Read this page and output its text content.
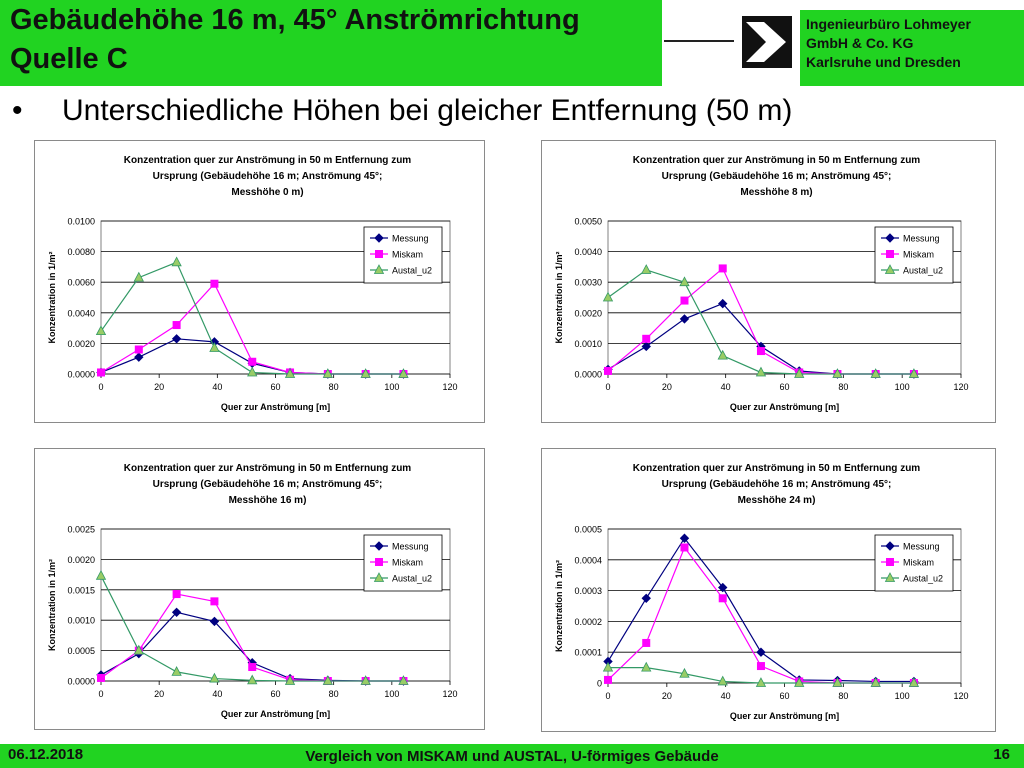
Gebäudehöhe 16 m, 45° Anströmrichtung
Quelle C
Ingenieurbüro Lohmeyer
GmbH & Co. KG
Karlsruhe und Dresden
• Unterschiedliche Höhen bei gleicher Entfernung (50 m)
Konzentration quer zur Anströmung in 50 m Entfernung zum
Ursprung (Gebäudehöhe 16 m; Anströmung 45°;
Messhöhe 0 m)
0.0000
0.0020
0.0040
0.0060
0.0080
0.0100
0	20	40	60	80	100	120
Quer zur Anströmung [m]
Konzentration in 1/m²
Messung
Miskam
Austal_u2
Konzentration quer zur Anströmung in 50 m Entfernung zum
Ursprung (Gebäudehöhe 16 m; Anströmung 45°;
Messhöhe 8 m)
0.0000
0.0010
0.0020
0.0030
0.0040
0.0050
0	20	40	60	80	100	120
Quer zur Anströmung [m]
Konzentration in 1/m²
Messung
Miskam
Austal_u2
Konzentration quer zur Anströmung in 50 m Entfernung zum
Ursprung (Gebäudehöhe 16 m; Anströmung 45°;
Messhöhe 16 m)
0.0000
0.0005
0.0010
0.0015
0.0020
0.0025
0	20	40	60	80	100	120
Quer zur Anströmung [m]
Konzentration in 1/m²
Messung
Miskam
Austal_u2
Konzentration quer zur Anströmung in 50 m Entfernung zum
Ursprung (Gebäudehöhe 16 m; Anströmung 45°;
Messhöhe 24 m)
0
0.0001
0.0002
0.0003
0.0004
0.0005
0	20	40	60	80	100	120
Quer zur Anströmung [m]
Konzentration in 1/m²
Messung
Miskam
Austal_u2
06.12.2018	Vergleich von MISKAM und AUSTAL, U-förmiges Gebäude	16
